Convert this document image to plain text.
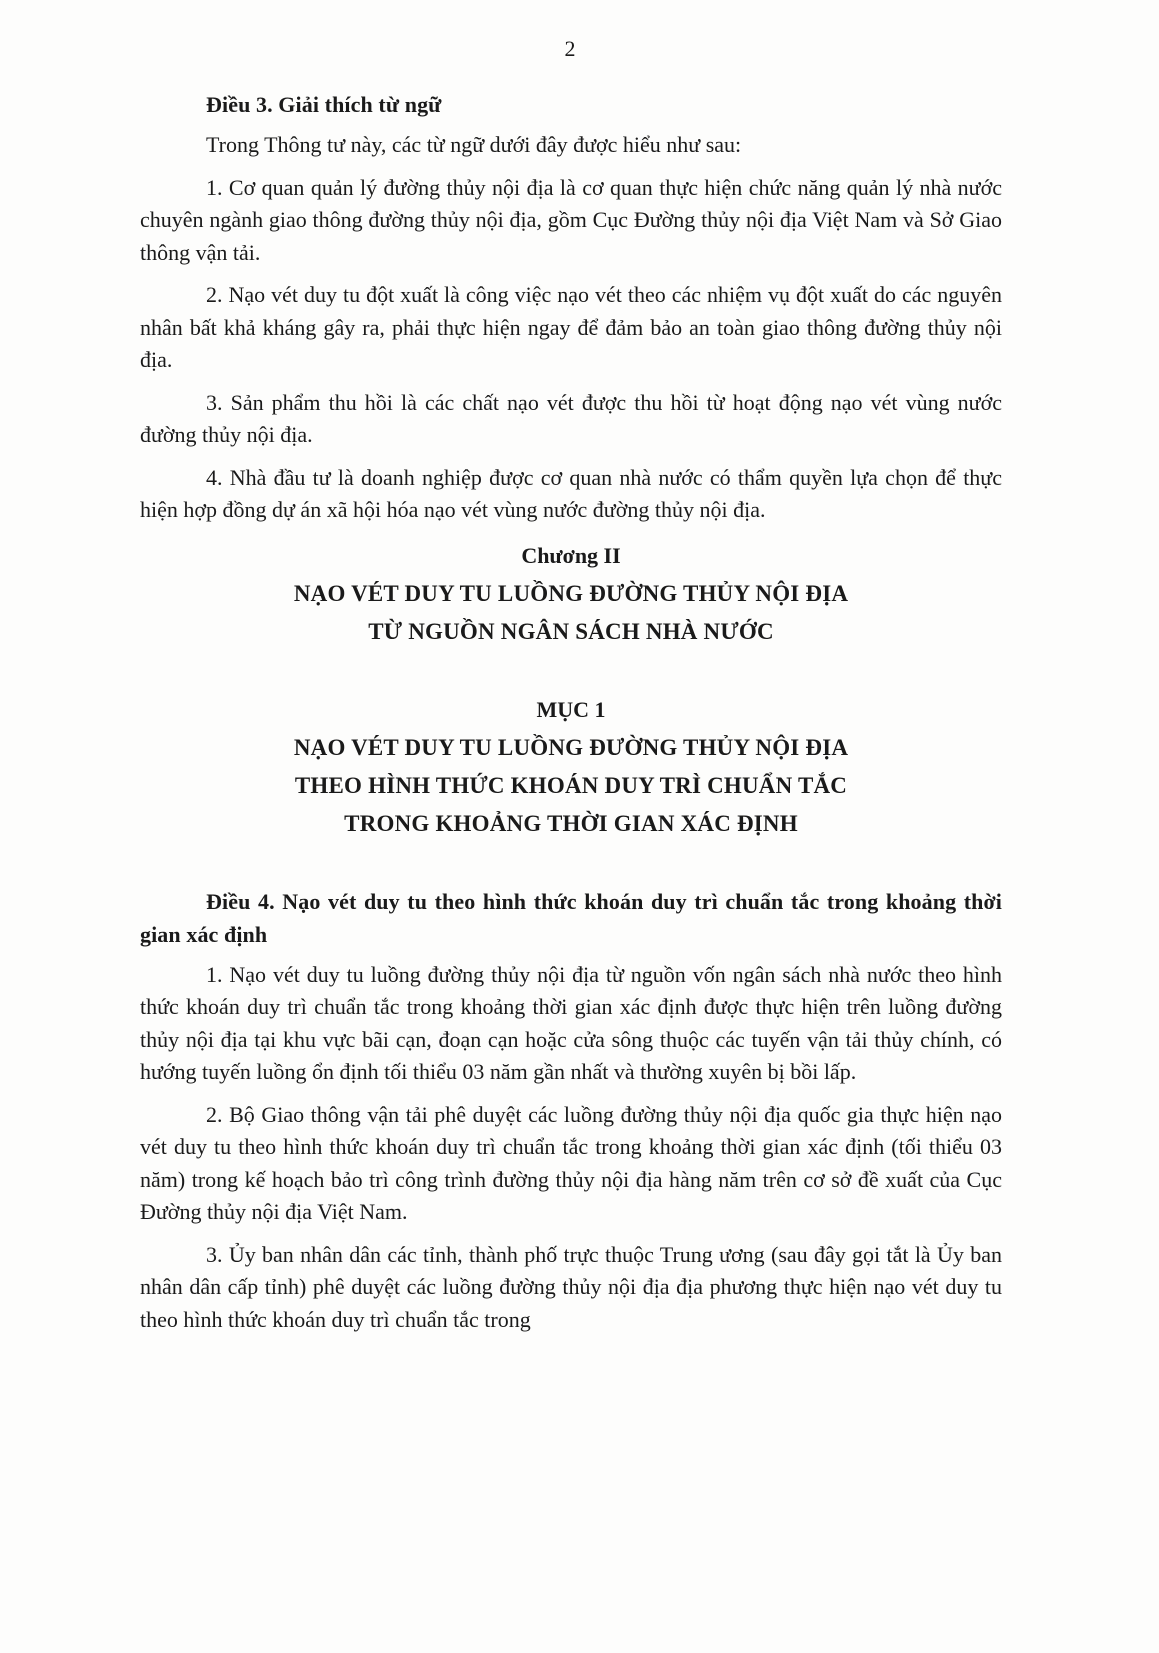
2
Điều 3. Giải thích từ ngữ

Trong Thông tư này, các từ ngữ dưới đây được hiểu như sau:

1. Cơ quan quản lý đường thủy nội địa là cơ quan thực hiện chức năng quản lý nhà nước chuyên ngành giao thông đường thủy nội địa, gồm Cục Đường thủy nội địa Việt Nam và Sở Giao thông vận tải.

2. Nạo vét duy tu đột xuất là công việc nạo vét theo các nhiệm vụ đột xuất do các nguyên nhân bất khả kháng gây ra, phải thực hiện ngay để đảm bảo an toàn giao thông đường thủy nội địa.

3. Sản phẩm thu hồi là các chất nạo vét được thu hồi từ hoạt động nạo vét vùng nước đường thủy nội địa.

4. Nhà đầu tư là doanh nghiệp được cơ quan nhà nước có thẩm quyền lựa chọn để thực hiện hợp đồng dự án xã hội hóa nạo vét vùng nước đường thủy nội địa.

Chương II
NẠO VÉT DUY TU LUỒNG ĐƯỜNG THỦY NỘI ĐỊA
TỪ NGUỒN NGÂN SÁCH NHÀ NƯỚC
MỤC 1
NẠO VÉT DUY TU LUỒNG ĐƯỜNG THỦY NỘI ĐỊA
THEO HÌNH THỨC KHOÁN DUY TRÌ CHUẨN TẮC
TRONG KHOẢNG THỜI GIAN XÁC ĐỊNH
Điều 4. Nạo vét duy tu theo hình thức khoán duy trì chuẩn tắc trong khoảng thời gian xác định

1. Nạo vét duy tu luồng đường thủy nội địa từ nguồn vốn ngân sách nhà nước theo hình thức khoán duy trì chuẩn tắc trong khoảng thời gian xác định được thực hiện trên luồng đường thủy nội địa tại khu vực bãi cạn, đoạn cạn hoặc cửa sông thuộc các tuyến vận tải thủy chính, có hướng tuyến luồng ổn định tối thiểu 03 năm gần nhất và thường xuyên bị bồi lấp.

2. Bộ Giao thông vận tải phê duyệt các luồng đường thủy nội địa quốc gia thực hiện nạo vét duy tu theo hình thức khoán duy trì chuẩn tắc trong khoảng thời gian xác định (tối thiểu 03 năm) trong kế hoạch bảo trì công trình đường thủy nội địa hàng năm trên cơ sở đề xuất của Cục Đường thủy nội địa Việt Nam.

3. Ủy ban nhân dân các tỉnh, thành phố trực thuộc Trung ương (sau đây gọi tắt là Ủy ban nhân dân cấp tỉnh) phê duyệt các luồng đường thủy nội địa địa phương thực hiện nạo vét duy tu theo hình thức khoán duy trì chuẩn tắc trong
